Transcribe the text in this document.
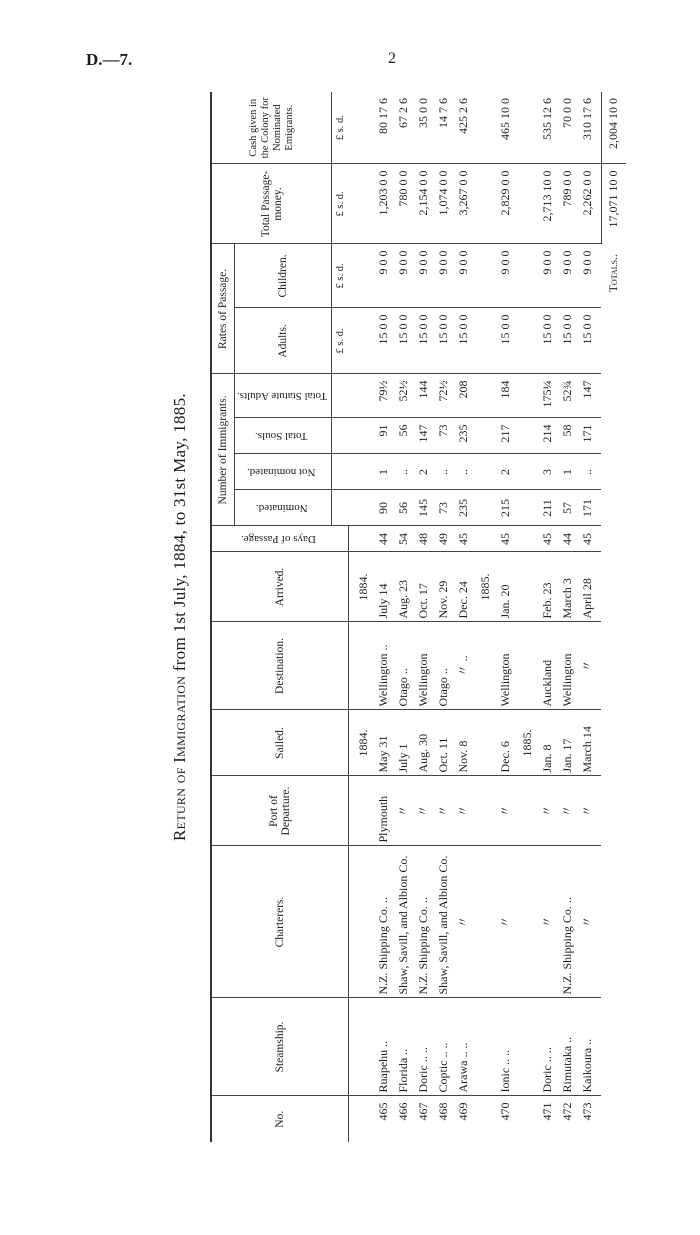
D.—7.	2
Return of Immigration from 1st July, 1884, to 31st May, 1885.
No.	Steamship.	Charterers.	Port of Departure.	Sailed.	Destination.	Arrived.	Days of Passage.	Number of Immigrants.				Rates of Passage.		Total Passage-money.	Cash given in the Colony for Nominated Emigrants.
								Nominated.	Not nominated.	Total Souls.	Total Statute Adults.	Adults.	Children.		
												£ s. d.	£ s. d.	£ s. d.	£ s. d.
				1884.		1884.									
465	Ruapehu ..	N.Z. Shipping Co. ..	Plymouth	May 31	Wellington ..	July 14	44	90	1	91	79½	15 0 0	9 0 0	1,203 0 0	80 17 6
466	Florida ..	Shaw, Savill, and Albion Co.	〃	July 1	Otago ..	Aug. 23	54	56	..	56	52½	15 0 0	9 0 0	780 0 0	67 2 6
467	Doric .. ..	N.Z. Shipping Co. ..	〃	Aug. 30	Wellington	Oct. 17	48	145	2	147	144	15 0 0	9 0 0	2,154 0 0	35 0 0
468	Coptic .. ..	Shaw, Savill, and Albion Co.	〃	Oct. 11	Otago ..	Nov. 29	49	73	..	73	72½	15 0 0	9 0 0	1,074 0 0	14 7 6
469	Arawa .. ..	〃	〃	Nov. 8	〃 ..	Dec. 24	45	235	..	235	208	15 0 0	9 0 0	3,267 0 0	425 2 6
						1885.									
470	Ionic .. ..	〃	〃	Dec. 6	Wellington	Jan. 20	45	215	2	217	184	15 0 0	9 0 0	2,829 0 0	465 10 0
				1885.											
471	Doric .. ..	〃	〃	Jan. 8	Auckland	Feb. 23	45	211	3	214	175¼	15 0 0	9 0 0	2,713 10 0	535 12 6
472	Rimutaka ..	N.Z. Shipping Co. ..	〃	Jan. 17	Wellington	March 3	44	57	1	58	52¾	15 0 0	9 0 0	789 0 0	70 0 0
473	Kaikoura ..	〃	〃	March 14	〃	April 28	45	171	..	171	147	15 0 0	9 0 0	2,262 0 0	310 17 6
													Totals..	17,071 10 0	2,004 10 0
